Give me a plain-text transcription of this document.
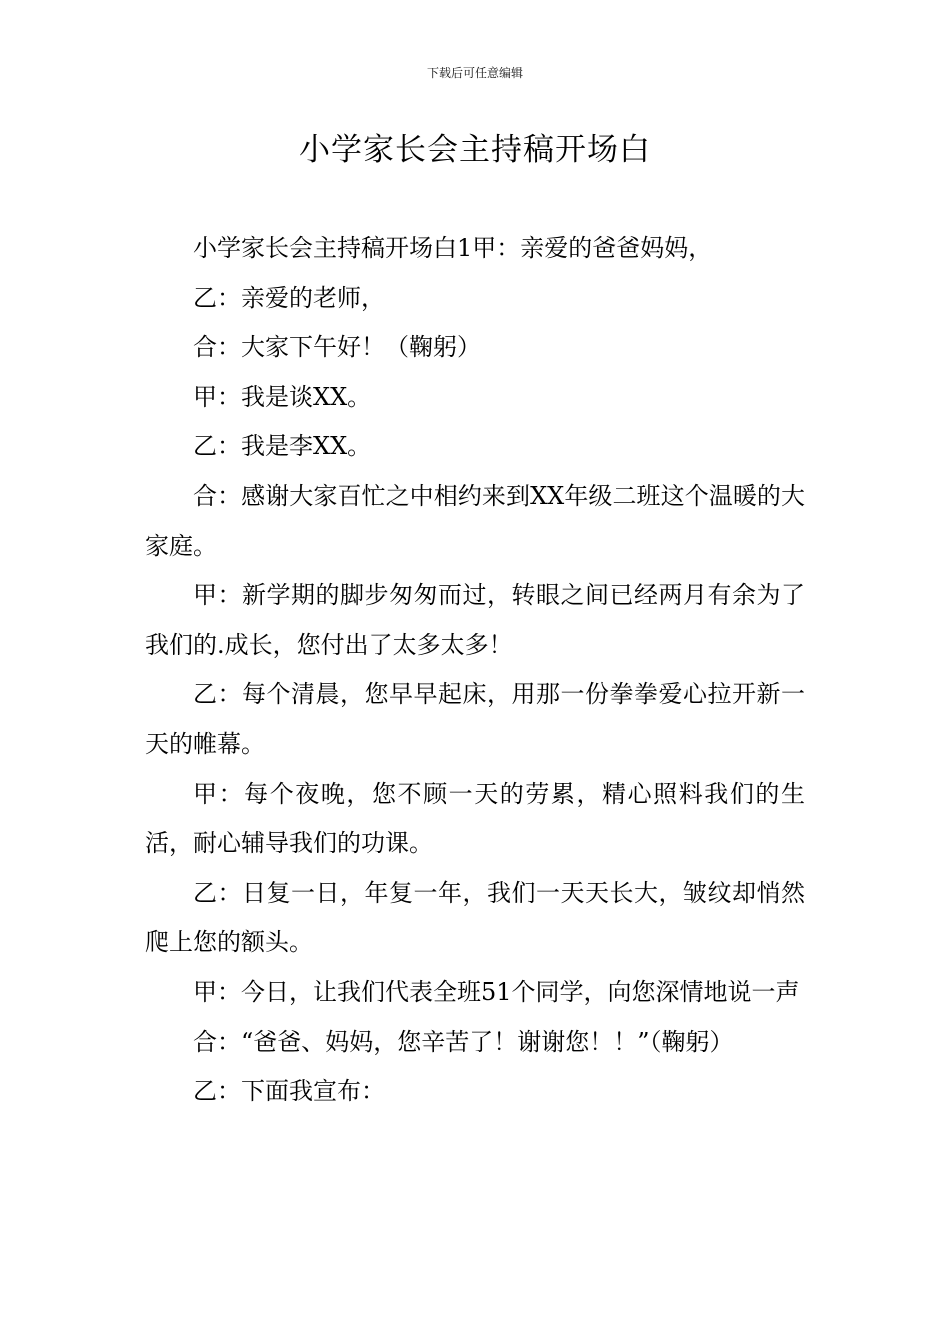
下载后可任意编辑
小学家长会主持稿开场白

小学家长会主持稿开场白1甲：亲爱的爸爸妈妈，

乙：亲爱的老师，

合：大家下午好！（鞠躬）

甲：我是谈XX。

乙：我是李XX。

合：感谢大家百忙之中相约来到XX年级二班这个温暖的大家庭。

甲：新学期的脚步匆匆而过，转眼之间已经两月有余为了我们的.成长，您付出了太多太多！

乙：每个清晨，您早早起床，用那一份拳拳爱心拉开新一天的帷幕。

甲：每个夜晚，您不顾一天的劳累，精心照料我们的生活，耐心辅导我们的功课。

乙：日复一日，年复一年，我们一天天长大，皱纹却悄然爬上您的额头。

甲：今日，让我们代表全班51个同学，向您深情地说一声

合：“爸爸、妈妈，您辛苦了！谢谢您！！”（鞠躬）

乙：下面我宣布：
